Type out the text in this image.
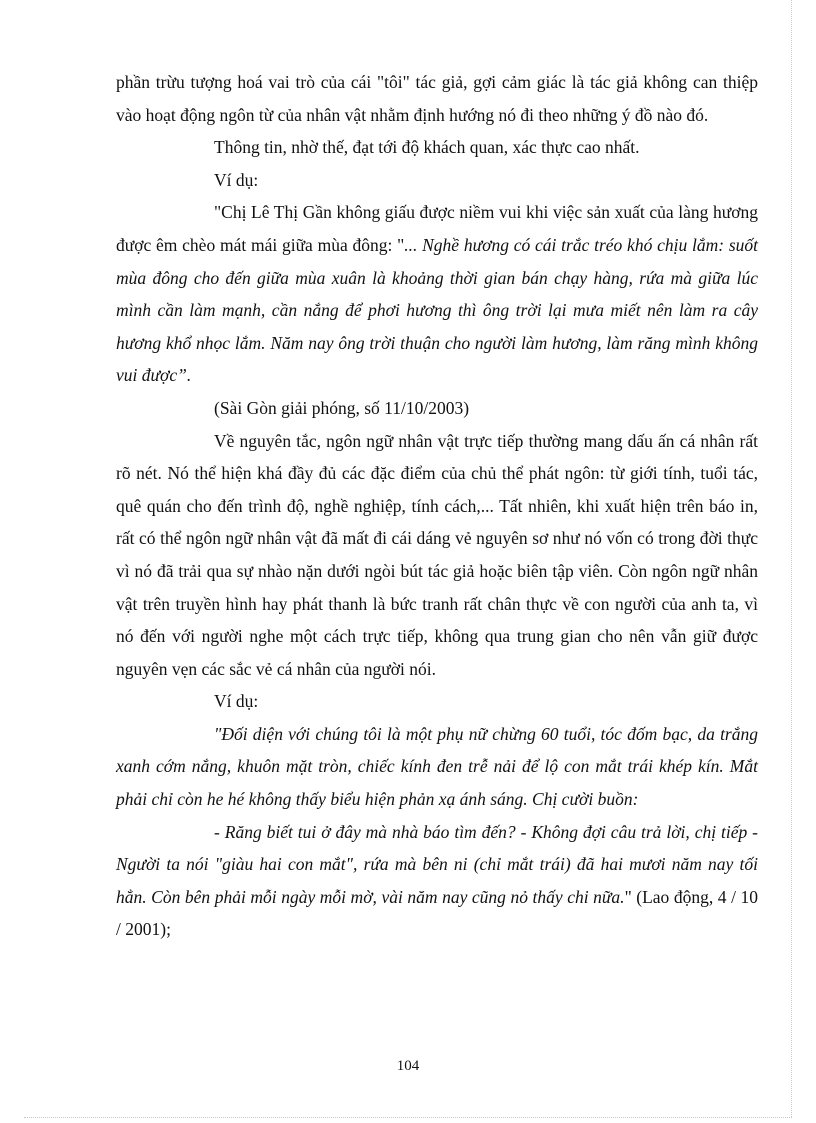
phần trừu tượng hoá vai trò của cái "tôi" tác giả, gợi cảm giác là tác giả không can thiệp vào hoạt động ngôn từ của nhân vật nhằm định hướng nó đi theo những ý đồ nào đó.

Thông tin, nhờ thế, đạt tới độ khách quan, xác thực cao nhất.

Ví dụ:

"Chị Lê Thị Gần không giấu được niềm vui khi việc sản xuất của làng hương được êm chèo mát mái giữa mùa đông: "... Nghề hương có cái trắc tréo khó chịu lắm: suốt mùa đông cho đến giữa mùa xuân là khoảng thời gian bán chạy hàng, rứa mà giữa lúc mình cần làm mạnh, cần nắng để phơi hương thì ông trời lại mưa miết nên làm ra cây hương khổ nhọc lắm. Năm nay ông trời thuận cho người làm hương, làm răng mình không vui được”.

(Sài Gòn giải phóng, số 11/10/2003)

Về nguyên tắc, ngôn ngữ nhân vật trực tiếp thường mang dấu ấn cá nhân rất rõ nét. Nó thể hiện khá đầy đủ các đặc điểm của chủ thể phát ngôn: từ giới tính, tuổi tác, quê quán cho đến trình độ, nghề nghiệp, tính cách,... Tất nhiên, khi xuất hiện trên báo in, rất có thể ngôn ngữ nhân vật đã mất đi cái dáng vẻ nguyên sơ như nó vốn có trong đời thực vì nó đã trải qua sự nhào nặn dưới ngòi bút tác giả hoặc biên tập viên. Còn ngôn ngữ nhân vật trên truyền hình hay phát thanh là bức tranh rất chân thực về con người của anh ta, vì nó đến với người nghe một cách trực tiếp, không qua trung gian cho nên vẫn giữ được nguyên vẹn các sắc vẻ cá nhân của người nói.

Ví dụ:

"Đối diện với chúng tôi là một phụ nữ chừng 60 tuổi, tóc đốm bạc, da trắng xanh cớm nắng, khuôn mặt tròn, chiếc kính đen trễ nải để lộ con mắt trái khép kín. Mắt phải chỉ còn he hé không thấy biểu hiện phản xạ ánh sáng. Chị cười buồn:

- Răng biết tui ở đây mà nhà báo tìm đến? - Không đợi câu trả lời, chị tiếp - Người ta nói "giàu hai con mắt", rứa mà bên ni (chỉ mắt trái) đã hai mươi năm nay tối hẳn. Còn bên phải mỗi ngày mỗi mờ, vài năm nay cũng nỏ thấy chi nữa." (Lao động, 4 / 10 / 2001);

104
